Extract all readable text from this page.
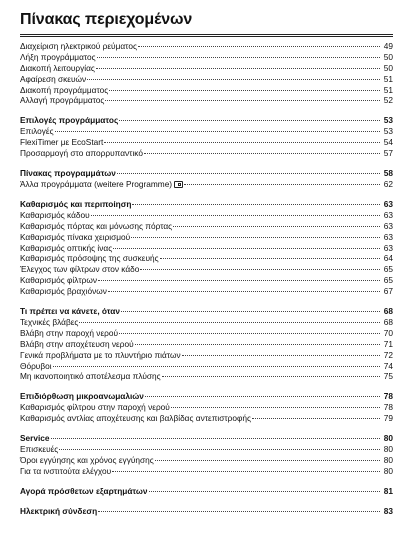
Πίνακας περιεχομένων
Διαχείριση ηλεκτρικού ρεύματος	49
Λήξη προγράμματος	50
Διακοπή λειτουργίας	50
Αφαίρεση σκευών	51
Διακοπή προγράμματος	51
Αλλαγή προγράμματος	52
Επιλογές προγράμματος	53
Επιλογές	53
FlexiTimer με EcoStart	54
Προσαρμογή στο απορρυπαντικό	57
Πίνακας προγραμμάτων	58
Άλλα προγράμματα (weitere Programme)	62
Καθαρισμός και περιποίηση	63
Καθαρισμός κάδου	63
Καθαρισμός πόρτας και μόνωσης πόρτας	63
Καθαρισμός πίνακα χειρισμού	63
Καθαρισμός οπτικής ίνας	63
Καθαρισμός πρόσοψης της συσκευής	64
Έλεγχος των φίλτρων στον κάδο	65
Καθαρισμός φίλτρων	65
Καθαρισμός βραχιόνων	67
Τι πρέπει να κάνετε, όταν	68
Τεχνικές βλάβες	68
Βλάβη στην παροχή νερού	70
Βλάβη στην αποχέτευση νερού	71
Γενικά προβλήματα με το πλυντήριο πιάτων	72
Θόρυβοι	74
Μη ικανοποιητικό αποτέλεσμα πλύσης	75
Επιδιόρθωση μικροανωμαλιών	78
Καθαρισμός φίλτρου στην παροχή νερού	78
Καθαρισμός αντλίας αποχέτευσης και βαλβίδας αντεπιστροφής	79
Service	80
Επισκευές	80
Όροι εγγύησης και χρόνος εγγύησης	80
Για τα ινστιτούτα ελέγχου	80
Αγορά πρόσθετων εξαρτημάτων	81
Ηλεκτρική σύνδεση	83
